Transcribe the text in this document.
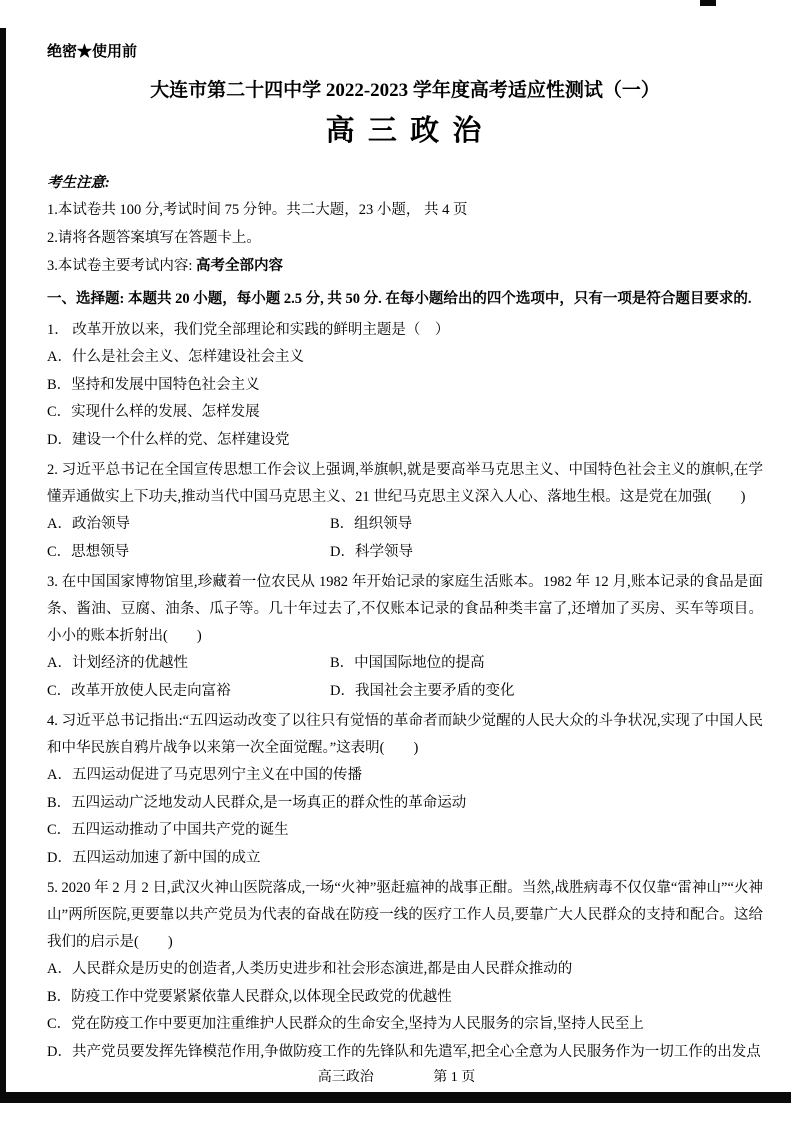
绝密★使用前
大连市第二十四中学 2022-2023 学年度高考适应性测试（一）
高 三 政 治
考生注意:
1.本试卷共 100 分,考试时间 75 分钟。共二大题，23 小题， 共 4 页
2.请将各题答案填写在答题卡上。
3.本试卷主要考试内容: 高考全部内容
一、选择题: 本题共 20 小题，每小题 2.5 分, 共 50 分. 在每小题给出的四个选项中，只有一项是符合题目要求的.

1． 改革开放以来，我们党全部理论和实践的鲜明主题是（　）

A．什么是社会主义、怎样建设社会主义
B．坚持和发展中国特色社会主义
C．实现什么样的发展、怎样发展
D．建设一个什么样的党、怎样建设党

2. 习近平总书记在全国宣传思想工作会议上强调,举旗帜,就是要高举马克思主义、中国特色社会主义的旗帜,在学懂弄通做实上下功夫,推动当代中国马克思主义、21 世纪马克思主义深入人心、落地生根。这是党在加强(　　)

A．政治领导	B．组织领导
C．思想领导	D．科学领导

3. 在中国国家博物馆里,珍藏着一位农民从 1982 年开始记录的家庭生活账本。1982 年 12 月,账本记录的食品是面条、酱油、豆腐、油条、瓜子等。几十年过去了,不仅账本记录的食品种类丰富了,还增加了买房、买车等项目。小小的账本折射出(　　)

A．计划经济的优越性	B．中国国际地位的提高
C．改革开放使人民走向富裕	D．我国社会主要矛盾的变化

4. 习近平总书记指出:“五四运动改变了以往只有觉悟的革命者而缺少觉醒的人民大众的斗争状况,实现了中国人民和中华民族自鸦片战争以来第一次全面觉醒。”这表明(　　)

A．五四运动促进了马克思列宁主义在中国的传播
B．五四运动广泛地发动人民群众,是一场真正的群众性的革命运动
C．五四运动推动了中国共产党的诞生
D．五四运动加速了新中国的成立

5. 2020 年 2 月 2 日,武汉火神山医院落成,一场“火神”驱赶瘟神的战事正酣。当然,战胜病毒不仅仅靠“雷神山”“火神山”两所医院,更要靠以共产党员为代表的奋战在防疫一线的医疗工作人员,要靠广大人民群众的支持和配合。这给我们的启示是(　　)

A．人民群众是历史的创造者,人类历史进步和社会形态演进,都是由人民群众推动的
B．防疫工作中党要紧紧依靠人民群众,以体现全民政党的优越性
C．党在防疫工作中要更加注重维护人民群众的生命安全,坚持为人民服务的宗旨,坚持人民至上
D．共产党员要发挥先锋模范作用,争做防疫工作的先锋队和先遣军,把全心全意为人民服务作为一切工作的出发点
高三政治	第 1 页
